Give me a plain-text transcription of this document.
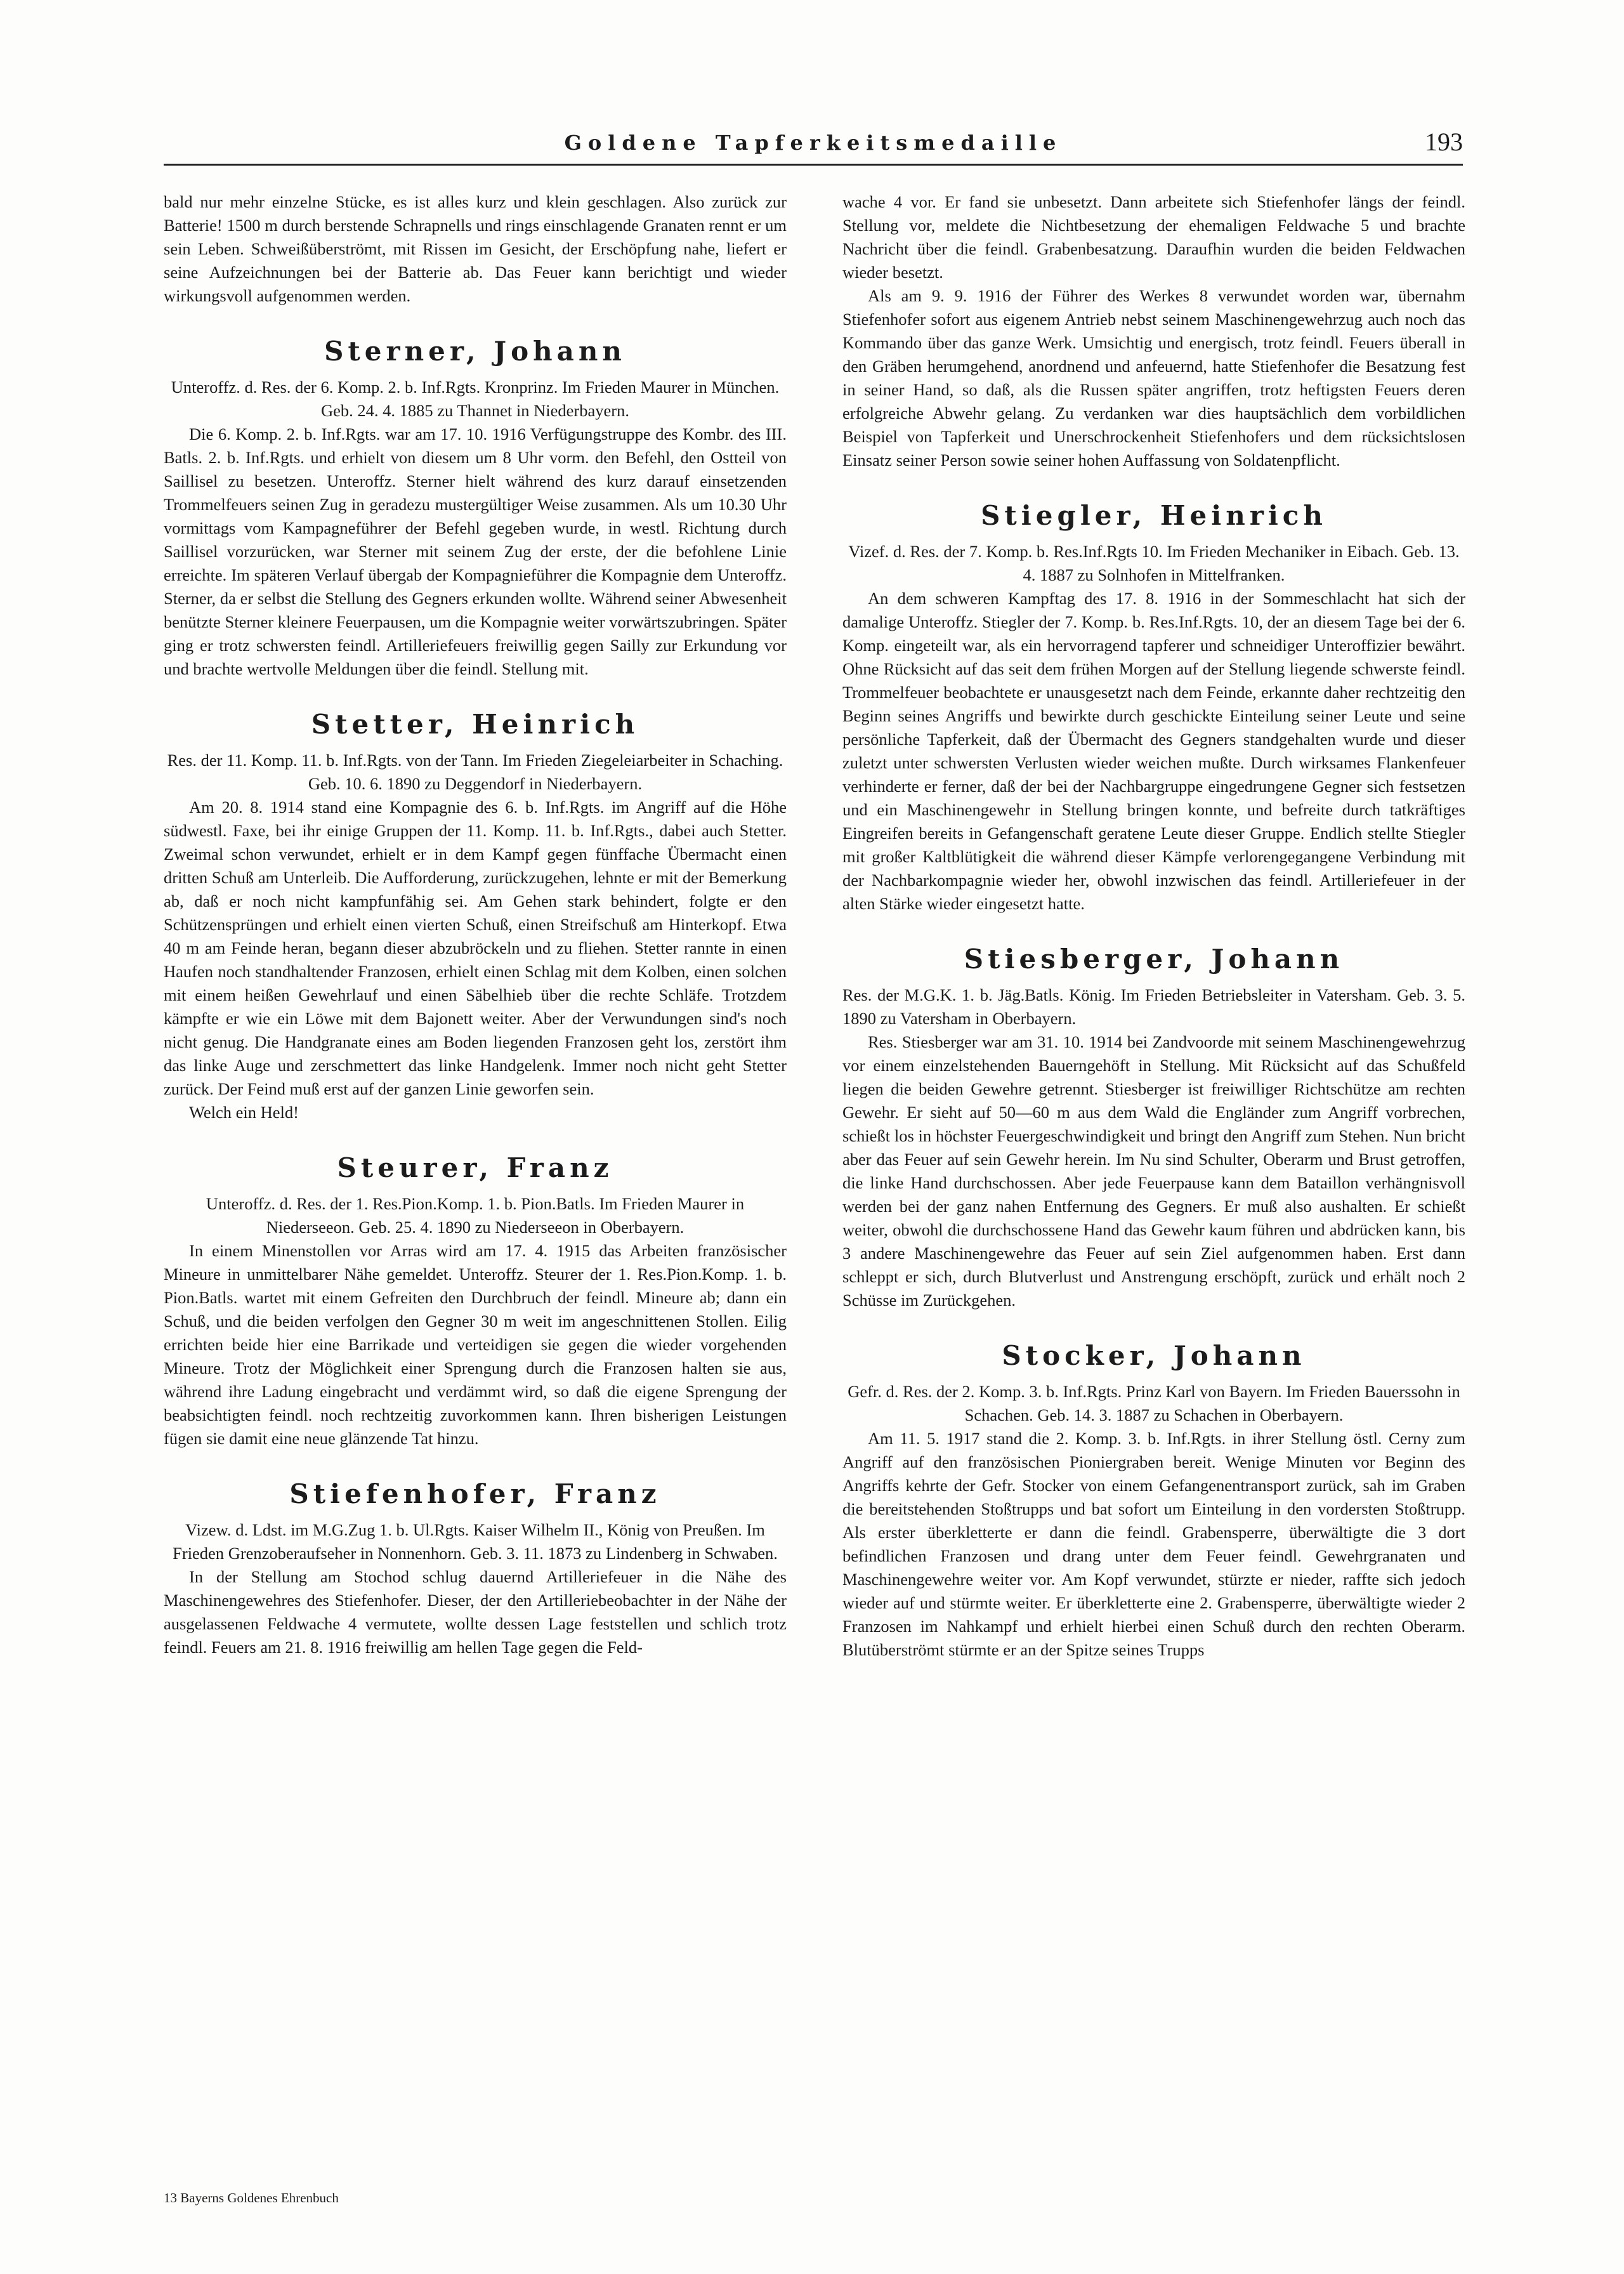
Goldene Tapferkeitsmedaille	193

bald nur mehr einzelne Stücke, es ist alles kurz und klein geschlagen. Also zurück zur Batterie! 1500 m durch berstende Schrapnells und rings einschlagende Granaten rennt er um sein Leben. Schweißüberströmt, mit Rissen im Gesicht, der Erschöpfung nahe, liefert er seine Aufzeichnungen bei der Batterie ab. Das Feuer kann berichtigt und wieder wirkungsvoll aufgenommen werden.

Sterner, Johann

Unteroffz. d. Res. der 6. Komp. 2. b. Inf.Rgts. Kronprinz. Im Frieden Maurer in München. Geb. 24. 4. 1885 zu Thannet in Niederbayern.

Die 6. Komp. 2. b. Inf.Rgts. war am 17. 10. 1916 Verfügungstruppe des Kombr. des III. Batls. 2. b. Inf.Rgts. und erhielt von diesem um 8 Uhr vorm. den Befehl, den Ostteil von Saillisel zu besetzen. Unteroffz. Sterner hielt während des kurz darauf einsetzenden Trommelfeuers seinen Zug in geradezu mustergültiger Weise zusammen. Als um 10.30 Uhr vormittags vom Kampagneführer der Befehl gegeben wurde, in westl. Richtung durch Saillisel vorzurücken, war Sterner mit seinem Zug der erste, der die befohlene Linie erreichte. Im späteren Verlauf übergab der Kompagnieführer die Kompagnie dem Unteroffz. Sterner, da er selbst die Stellung des Gegners erkunden wollte. Während seiner Abwesenheit benützte Sterner kleinere Feuerpausen, um die Kompagnie weiter vorwärtszubringen. Später ging er trotz schwersten feindl. Artilleriefeuers freiwillig gegen Sailly zur Erkundung vor und brachte wertvolle Meldungen über die feindl. Stellung mit.

Stetter, Heinrich

Res. der 11. Komp. 11. b. Inf.Rgts. von der Tann. Im Frieden Ziegeleiarbeiter in Schaching. Geb. 10. 6. 1890 zu Deggendorf in Niederbayern.

Am 20. 8. 1914 stand eine Kompagnie des 6. b. Inf.Rgts. im Angriff auf die Höhe südwestl. Faxe, bei ihr einige Gruppen der 11. Komp. 11. b. Inf.Rgts., dabei auch Stetter. Zweimal schon verwundet, erhielt er in dem Kampf gegen fünffache Übermacht einen dritten Schuß am Unterleib. Die Aufforderung, zurückzugehen, lehnte er mit der Bemerkung ab, daß er noch nicht kampfunfähig sei. Am Gehen stark behindert, folgte er den Schützensprüngen und erhielt einen vierten Schuß, einen Streifschuß am Hinterkopf. Etwa 40 m am Feinde heran, begann dieser abzubröckeln und zu fliehen. Stetter rannte in einen Haufen noch standhaltender Franzosen, erhielt einen Schlag mit dem Kolben, einen solchen mit einem heißen Gewehrlauf und einen Säbelhieb über die rechte Schläfe. Trotzdem kämpfte er wie ein Löwe mit dem Bajonett weiter. Aber der Verwundungen sind's noch nicht genug. Die Handgranate eines am Boden liegenden Franzosen geht los, zerstört ihm das linke Auge und zerschmettert das linke Handgelenk. Immer noch nicht geht Stetter zurück. Der Feind muß erst auf der ganzen Linie geworfen sein.

Welch ein Held!

Steurer, Franz

Unteroffz. d. Res. der 1. Res.Pion.Komp. 1. b. Pion.Batls. Im Frieden Maurer in Niederseeon. Geb. 25. 4. 1890 zu Niederseeon in Oberbayern.

In einem Minenstollen vor Arras wird am 17. 4. 1915 das Arbeiten französischer Mineure in unmittelbarer Nähe gemeldet. Unteroffz. Steurer der 1. Res.Pion.Komp. 1. b. Pion.Batls. wartet mit einem Gefreiten den Durchbruch der feindl. Mineure ab; dann ein Schuß, und die beiden verfolgen den Gegner 30 m weit im angeschnittenen Stollen. Eilig errichten beide hier eine Barrikade und verteidigen sie gegen die wieder vorgehenden Mineure. Trotz der Möglichkeit einer Sprengung durch die Franzosen halten sie aus, während ihre Ladung eingebracht und verdämmt wird, so daß die eigene Sprengung der beabsichtigten feindl. noch rechtzeitig zuvorkommen kann. Ihren bisherigen Leistungen fügen sie damit eine neue glänzende Tat hinzu.

Stiefenhofer, Franz

Vizew. d. Ldst. im M.G.Zug 1. b. Ul.Rgts. Kaiser Wilhelm II., König von Preußen. Im Frieden Grenzoberaufseher in Nonnenhorn. Geb. 3. 11. 1873 zu Lindenberg in Schwaben.

In der Stellung am Stochod schlug dauernd Artilleriefeuer in die Nähe des Maschinengewehres des Stiefenhofer. Dieser, der den Artilleriebeobachter in der Nähe der ausgelassenen Feldwache 4 vermutete, wollte dessen Lage feststellen und schlich trotz feindl. Feuers am 21. 8. 1916 freiwillig am hellen Tage gegen die Feld-

wache 4 vor. Er fand sie unbesetzt. Dann arbeitete sich Stiefenhofer längs der feindl. Stellung vor, meldete die Nichtbesetzung der ehemaligen Feldwache 5 und brachte Nachricht über die feindl. Grabenbesatzung. Daraufhin wurden die beiden Feldwachen wieder besetzt.

Als am 9. 9. 1916 der Führer des Werkes 8 verwundet worden war, übernahm Stiefenhofer sofort aus eigenem Antrieb nebst seinem Maschinengewehrzug auch noch das Kommando über das ganze Werk. Umsichtig und energisch, trotz feindl. Feuers überall in den Gräben herumgehend, anordnend und anfeuernd, hatte Stiefenhofer die Besatzung fest in seiner Hand, so daß, als die Russen später angriffen, trotz heftigsten Feuers deren erfolgreiche Abwehr gelang. Zu verdanken war dies hauptsächlich dem vorbildlichen Beispiel von Tapferkeit und Unerschrockenheit Stiefenhofers und dem rücksichtslosen Einsatz seiner Person sowie seiner hohen Auffassung von Soldatenpflicht.

Stiegler, Heinrich

Vizef. d. Res. der 7. Komp. b. Res.Inf.Rgts 10. Im Frieden Mechaniker in Eibach. Geb. 13. 4. 1887 zu Solnhofen in Mittelfranken.

An dem schweren Kampftag des 17. 8. 1916 in der Sommeschlacht hat sich der damalige Unteroffz. Stiegler der 7. Komp. b. Res.Inf.Rgts. 10, der an diesem Tage bei der 6. Komp. eingeteilt war, als ein hervorragend tapferer und schneidiger Unteroffizier bewährt. Ohne Rücksicht auf das seit dem frühen Morgen auf der Stellung liegende schwerste feindl. Trommelfeuer beobachtete er unausgesetzt nach dem Feinde, erkannte daher rechtzeitig den Beginn seines Angriffs und bewirkte durch geschickte Einteilung seiner Leute und seine persönliche Tapferkeit, daß der Übermacht des Gegners standgehalten wurde und dieser zuletzt unter schwersten Verlusten wieder weichen mußte. Durch wirksames Flankenfeuer verhinderte er ferner, daß der bei der Nachbargruppe eingedrungene Gegner sich festsetzen und ein Maschinengewehr in Stellung bringen konnte, und befreite durch tatkräftiges Eingreifen bereits in Gefangenschaft geratene Leute dieser Gruppe. Endlich stellte Stiegler mit großer Kaltblütigkeit die während dieser Kämpfe verlorengegangene Verbindung mit der Nachbarkompagnie wieder her, obwohl inzwischen das feindl. Artilleriefeuer in der alten Stärke wieder eingesetzt hatte.

Stiesberger, Johann

Res. der M.G.K. 1. b. Jäg.Batls. König. Im Frieden Betriebsleiter in Vatersham. Geb. 3. 5. 1890 zu Vatersham in Oberbayern.

Res. Stiesberger war am 31. 10. 1914 bei Zandvoorde mit seinem Maschinengewehrzug vor einem einzelstehenden Bauerngehöft in Stellung. Mit Rücksicht auf das Schußfeld liegen die beiden Gewehre getrennt. Stiesberger ist freiwilliger Richtschütze am rechten Gewehr. Er sieht auf 50—60 m aus dem Wald die Engländer zum Angriff vorbrechen, schießt los in höchster Feuergeschwindigkeit und bringt den Angriff zum Stehen. Nun bricht aber das Feuer auf sein Gewehr herein. Im Nu sind Schulter, Oberarm und Brust getroffen, die linke Hand durchschossen. Aber jede Feuerpause kann dem Bataillon verhängnisvoll werden bei der ganz nahen Entfernung des Gegners. Er muß also aushalten. Er schießt weiter, obwohl die durchschossene Hand das Gewehr kaum führen und abdrücken kann, bis 3 andere Maschinengewehre das Feuer auf sein Ziel aufgenommen haben. Erst dann schleppt er sich, durch Blutverlust und Anstrengung erschöpft, zurück und erhält noch 2 Schüsse im Zurückgehen.

Stocker, Johann

Gefr. d. Res. der 2. Komp. 3. b. Inf.Rgts. Prinz Karl von Bayern. Im Frieden Bauerssohn in Schachen. Geb. 14. 3. 1887 zu Schachen in Oberbayern.

Am 11. 5. 1917 stand die 2. Komp. 3. b. Inf.Rgts. in ihrer Stellung östl. Cerny zum Angriff auf den französischen Pioniergraben bereit. Wenige Minuten vor Beginn des Angriffs kehrte der Gefr. Stocker von einem Gefangenentransport zurück, sah im Graben die bereitstehenden Stoßtrupps und bat sofort um Einteilung in den vordersten Stoßtrupp. Als erster überkletterte er dann die feindl. Grabensperre, überwältigte die 3 dort befindlichen Franzosen und drang unter dem Feuer feindl. Gewehrgranaten und Maschinengewehre weiter vor. Am Kopf verwundet, stürzte er nieder, raffte sich jedoch wieder auf und stürmte weiter. Er überkletterte eine 2. Grabensperre, überwältigte wieder 2 Franzosen im Nahkampf und erhielt hierbei einen Schuß durch den rechten Oberarm. Blutüberströmt stürmte er an der Spitze seines Trupps

13 Bayerns Goldenes Ehrenbuch
